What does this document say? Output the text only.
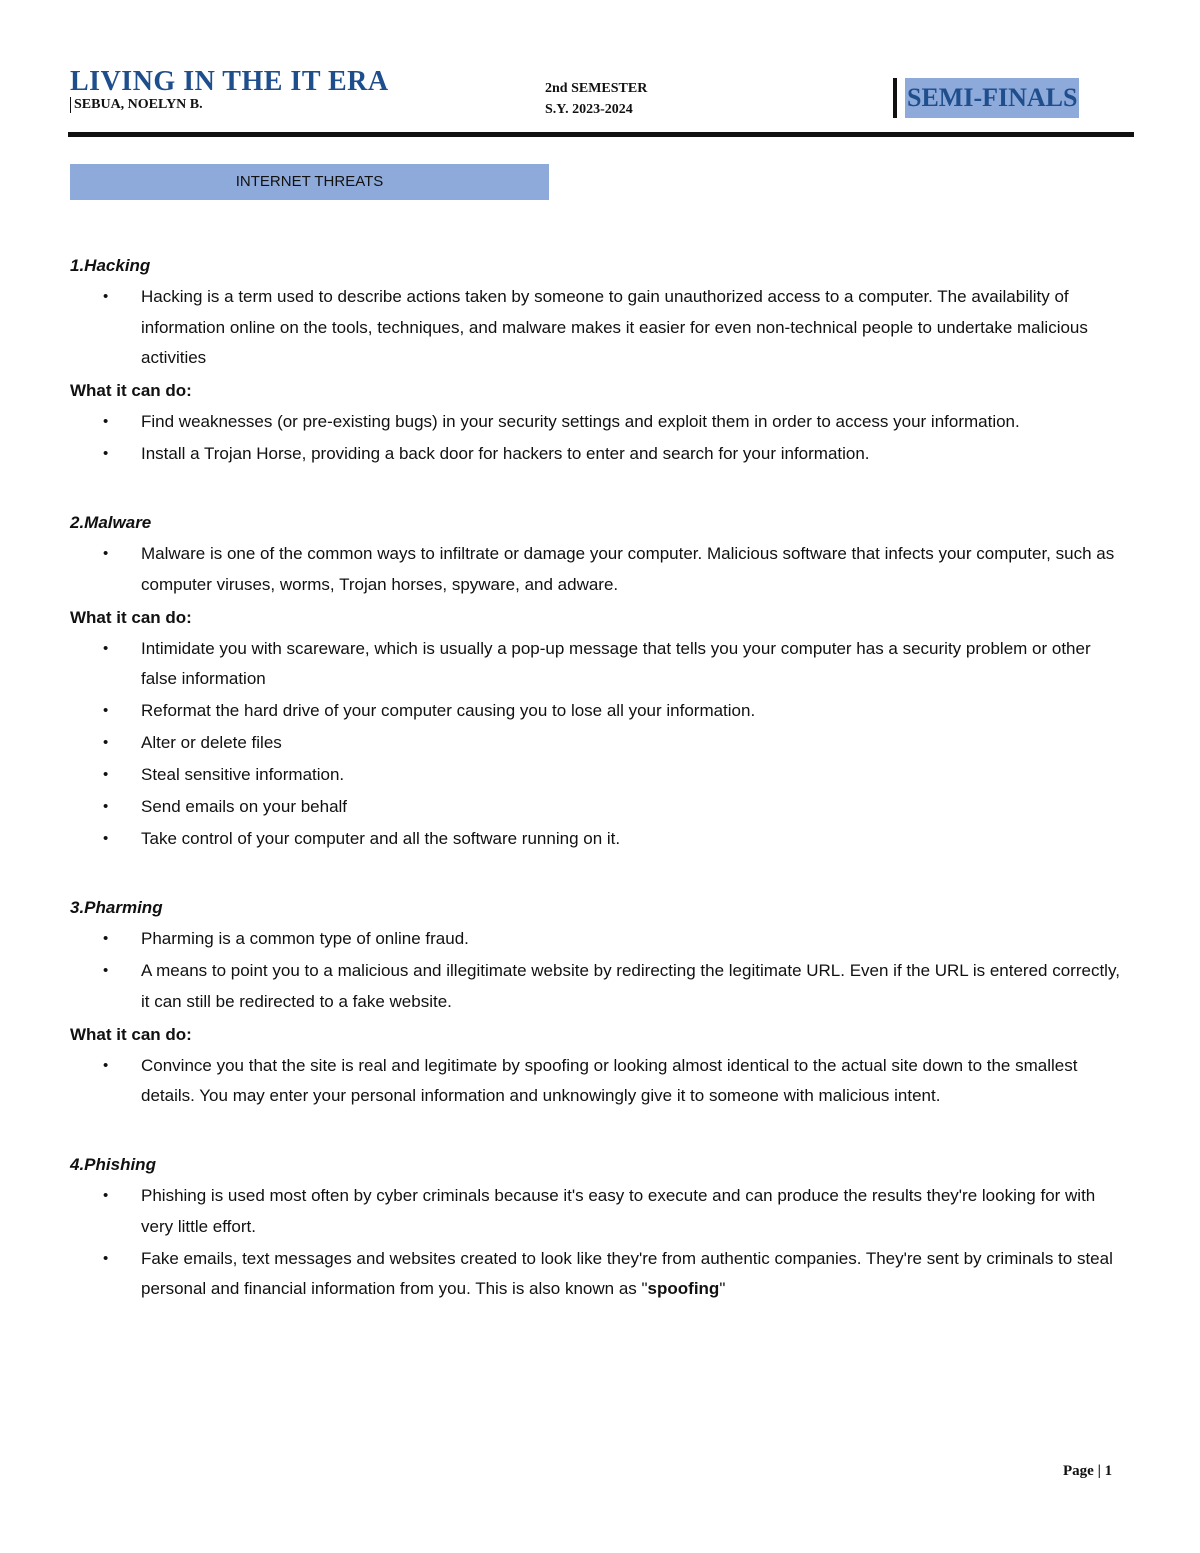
LIVING IN THE IT ERA
SEBUA, NOELYN B.
2nd SEMESTER
S.Y. 2023-2024	SEMI-FINALS
INTERNET THREATS

1.Hacking

• Hacking is a term used to describe actions taken by someone to gain unauthorized access to a computer. The availability of information online on the tools, techniques, and malware makes it easier for even non-technical people to undertake malicious activities

What it can do:

• Find weaknesses (or pre-existing bugs) in your security settings and exploit them in order to access your information.
• Install a Trojan Horse, providing a back door for hackers to enter and search for your information.

2.Malware

• Malware is one of the common ways to infiltrate or damage your computer. Malicious software that infects your computer, such as computer viruses, worms, Trojan horses, spyware, and adware.

What it can do:

• Intimidate you with scareware, which is usually a pop-up message that tells you your computer has a security problem or other false information
• Reformat the hard drive of your computer causing you to lose all your information.
• Alter or delete files
• Steal sensitive information.
• Send emails on your behalf
• Take control of your computer and all the software running on it.

3.Pharming

• Pharming is a common type of online fraud.
• A means to point you to a malicious and illegitimate website by redirecting the legitimate URL. Even if the URL is entered correctly, it can still be redirected to a fake website.

What it can do:

• Convince you that the site is real and legitimate by spoofing or looking almost identical to the actual site down to the smallest details. You may enter your personal information and unknowingly give it to someone with malicious intent.

4.Phishing

• Phishing is used most often by cyber criminals because it's easy to execute and can produce the results they're looking for with very little effort.
• Fake emails, text messages and websites created to look like they're from authentic companies. They're sent by criminals to steal personal and financial information from you. This is also known as "spoofing"
Page | 1
